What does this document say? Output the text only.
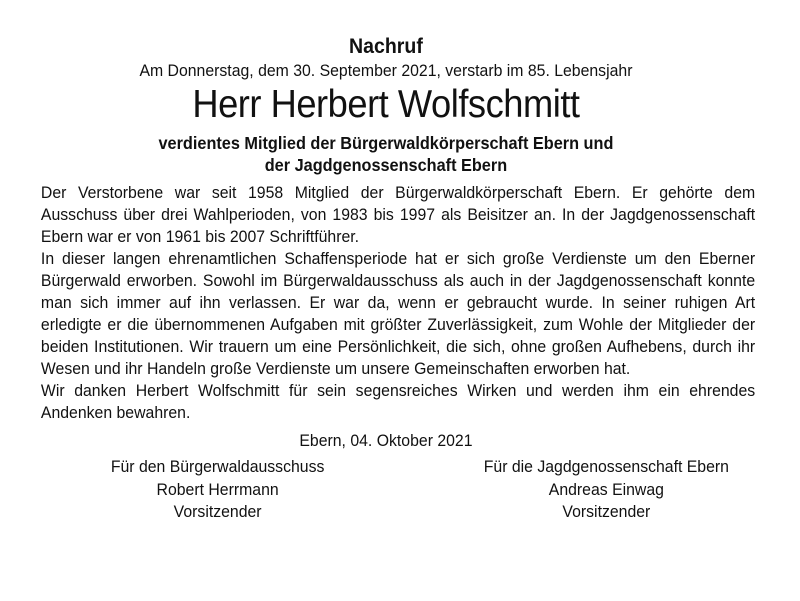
Nachruf
Am Donnerstag, dem 30. September 2021, verstarb im 85. Lebensjahr
Herr Herbert Wolfschmitt
verdientes Mitglied der Bürgerwaldkörperschaft Ebern und
der Jagdgenossenschaft Ebern

Der Verstorbene war seit 1958 Mitglied der Bürgerwaldkörperschaft Ebern. Er gehörte dem Ausschuss über drei Wahlperioden, von 1983 bis 1997 als Beisitzer an. In der Jagdgenossenschaft Ebern war er von 1961 bis 2007 Schriftführer.

In dieser langen ehrenamtlichen Schaffensperiode hat er sich große Verdienste um den Eberner Bürgerwald erworben. Sowohl im Bürgerwaldausschuss als auch in der Jagdgenossenschaft konnte man sich immer auf ihn verlassen. Er war da, wenn er gebraucht wurde. In seiner ruhigen Art erledigte er die übernommenen Aufgaben mit größter Zuverlässigkeit, zum Wohle der Mitglieder der beiden Institutionen. Wir trauern um eine Persönlichkeit, die sich, ohne großen Aufhebens, durch ihr Wesen und ihr Handeln große Verdienste um unsere Gemeinschaften erworben hat.

Wir danken Herbert Wolfschmitt für sein segensreiches Wirken und werden ihm ein ehrendes Andenken bewahren.

Ebern, 04. Oktober 2021
Für den Bürgerwaldausschuss
Robert Herrmann
Vorsitzender
Für die Jagdgenossenschaft Ebern
Andreas Einwag
Vorsitzender
